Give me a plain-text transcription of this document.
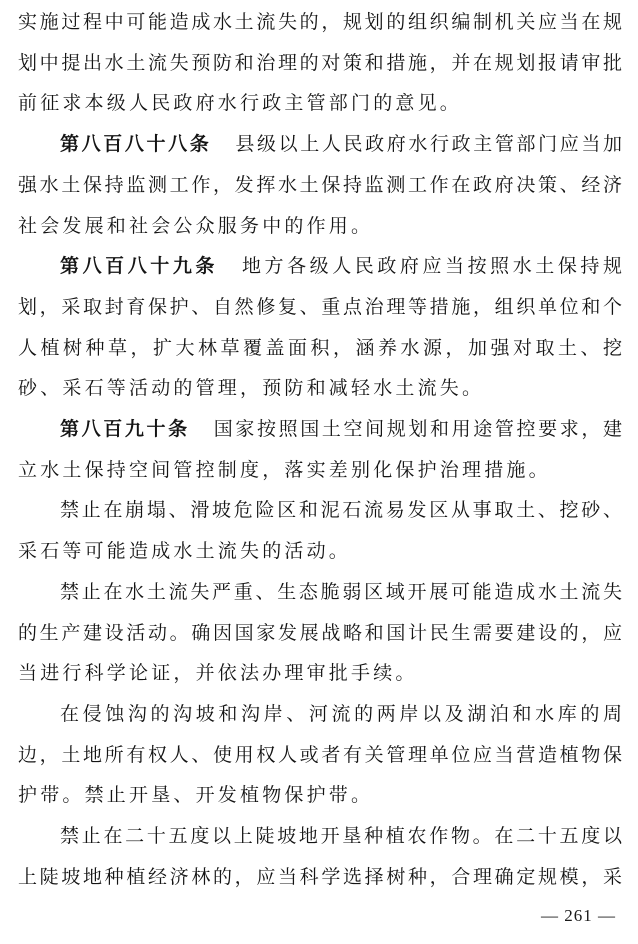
实施过程中可能造成水土流失的，规划的组织编制机关应当在规
划中提出水土流失预防和治理的对策和措施，并在规划报请审批
前征求本级人民政府水行政主管部门的意见。
第八百八十八条 县级以上人民政府水行政主管部门应当加
强水土保持监测工作，发挥水土保持监测工作在政府决策、经济
社会发展和社会公众服务中的作用。
第八百八十九条 地方各级人民政府应当按照水土保持规
划，采取封育保护、自然修复、重点治理等措施，组织单位和个
人植树种草，扩大林草覆盖面积，涵养水源，加强对取土、挖
砂、采石等活动的管理，预防和减轻水土流失。
第八百九十条 国家按照国土空间规划和用途管控要求，建
立水土保持空间管控制度，落实差别化保护治理措施。
禁止在崩塌、滑坡危险区和泥石流易发区从事取土、挖砂、
采石等可能造成水土流失的活动。
禁止在水土流失严重、生态脆弱区域开展可能造成水土流失
的生产建设活动。确因国家发展战略和国计民生需要建设的，应
当进行科学论证，并依法办理审批手续。
在侵蚀沟的沟坡和沟岸、河流的两岸以及湖泊和水库的周
边，土地所有权人、使用权人或者有关管理单位应当营造植物保
护带。禁止开垦、开发植物保护带。
禁止在二十五度以上陡坡地开垦种植农作物。在二十五度以
上陡坡地种植经济林的，应当科学选择树种，合理确定规模，采
— 261 —
